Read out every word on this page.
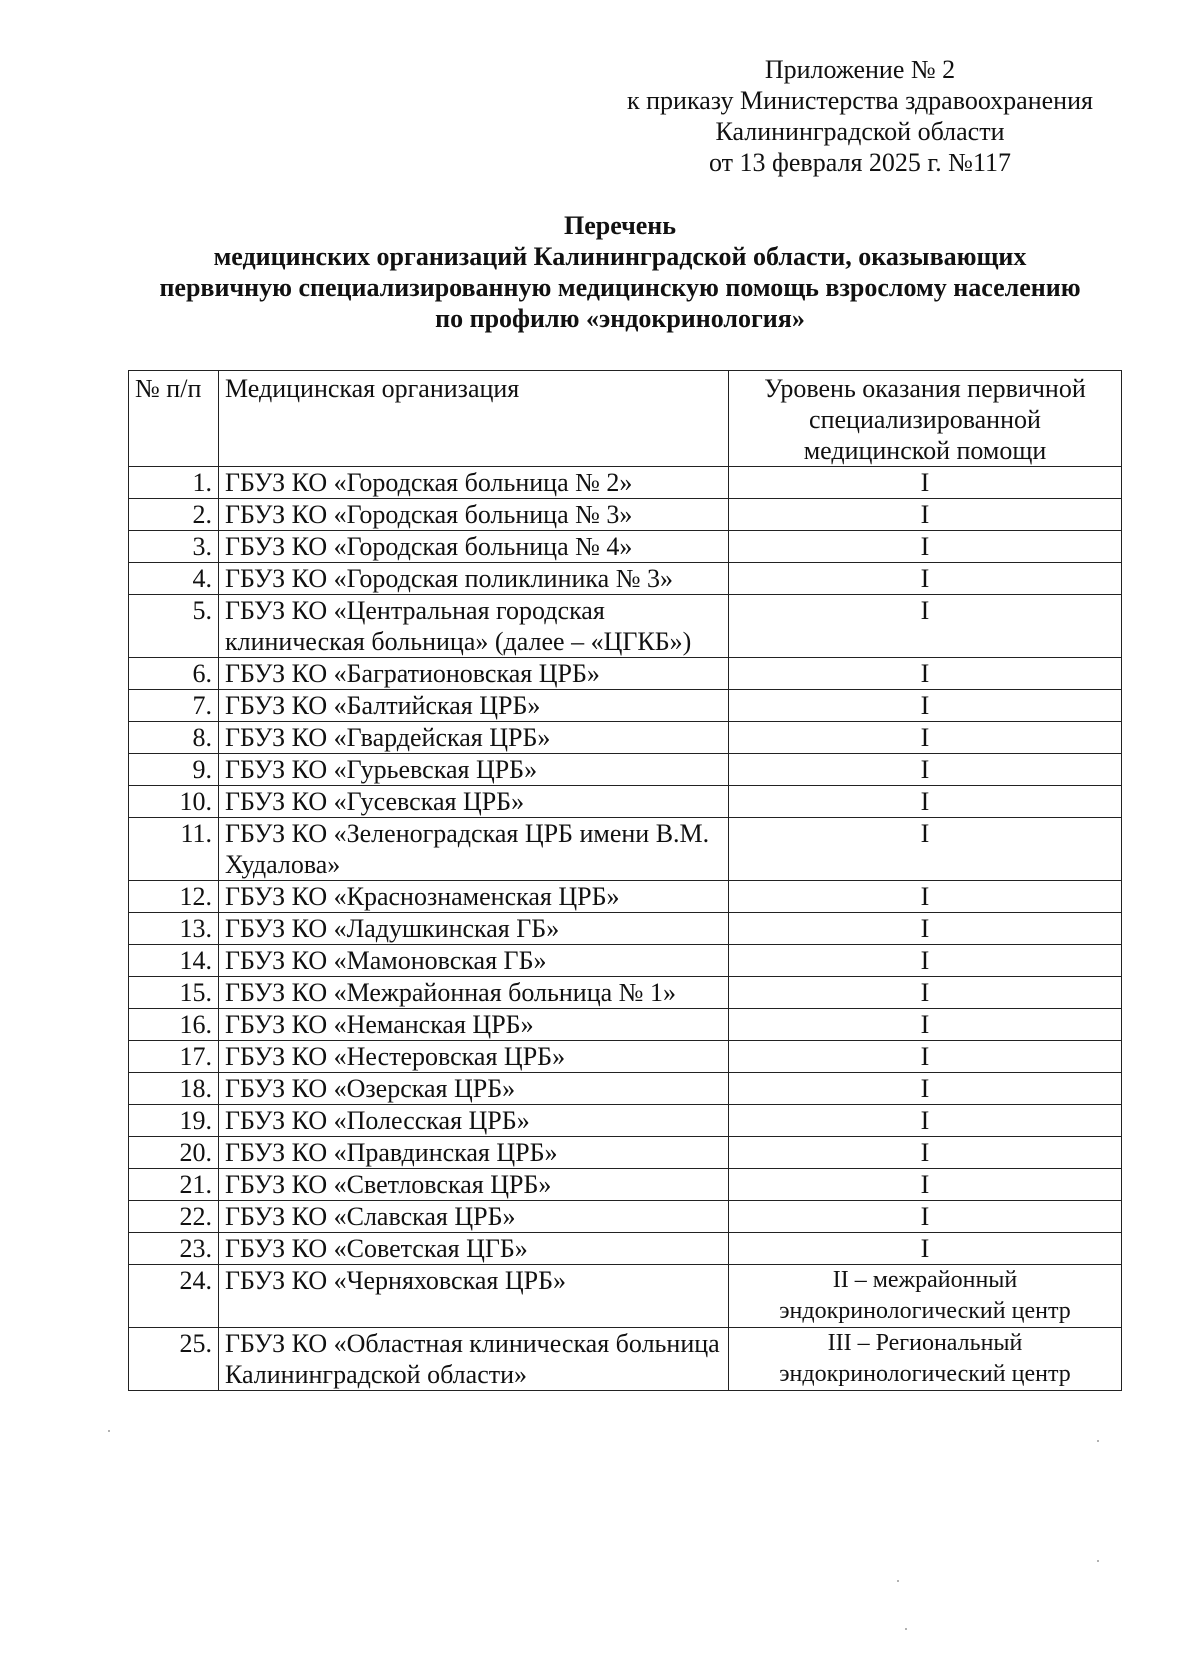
Приложение № 2
к приказу Министерства здравоохранения
Калининградской области
от 13 февраля 2025 г. №117
Перечень
медицинских организаций Калининградской области, оказывающих
первичную специализированную медицинскую помощь взрослому населению
по профилю «эндокринология»
№ п/п	Медицинская организация	Уровень оказания первичной специализированной медицинской помощи
1.	ГБУЗ КО «Городская больница № 2»	I
2.	ГБУЗ КО «Городская больница № 3»	I
3.	ГБУЗ КО «Городская больница № 4»	I
4.	ГБУЗ КО «Городская поликлиника № 3»	I
5.	ГБУЗ КО «Центральная городская клиническая больница» (далее – «ЦГКБ»)	I
6.	ГБУЗ КО «Багратионовская ЦРБ»	I
7.	ГБУЗ КО «Балтийская ЦРБ»	I
8.	ГБУЗ КО «Гвардейская ЦРБ»	I
9.	ГБУЗ КО «Гурьевская ЦРБ»	I
10.	ГБУЗ КО «Гусевская ЦРБ»	I
11.	ГБУЗ КО «Зеленоградская ЦРБ имени В.М. Худалова»	I
12.	ГБУЗ КО «Краснознаменская ЦРБ»	I
13.	ГБУЗ КО «Ладушкинская ГБ»	I
14.	ГБУЗ КО «Мамоновская ГБ»	I
15.	ГБУЗ КО «Межрайонная больница № 1»	I
16.	ГБУЗ КО «Неманская ЦРБ»	I
17.	ГБУЗ КО «Нестеровская ЦРБ»	I
18.	ГБУЗ КО «Озерская ЦРБ»	I
19.	ГБУЗ КО «Полесская ЦРБ»	I
20.	ГБУЗ КО «Правдинская ЦРБ»	I
21.	ГБУЗ КО «Светловская ЦРБ»	I
22.	ГБУЗ КО «Славская ЦРБ»	I
23.	ГБУЗ КО «Советская ЦГБ»	I
24.	ГБУЗ КО «Черняховская ЦРБ»	II – межрайонный эндокринологический центр
25.	ГБУЗ КО «Областная клиническая больница Калининградской области»	III – Региональный эндокринологический центр
